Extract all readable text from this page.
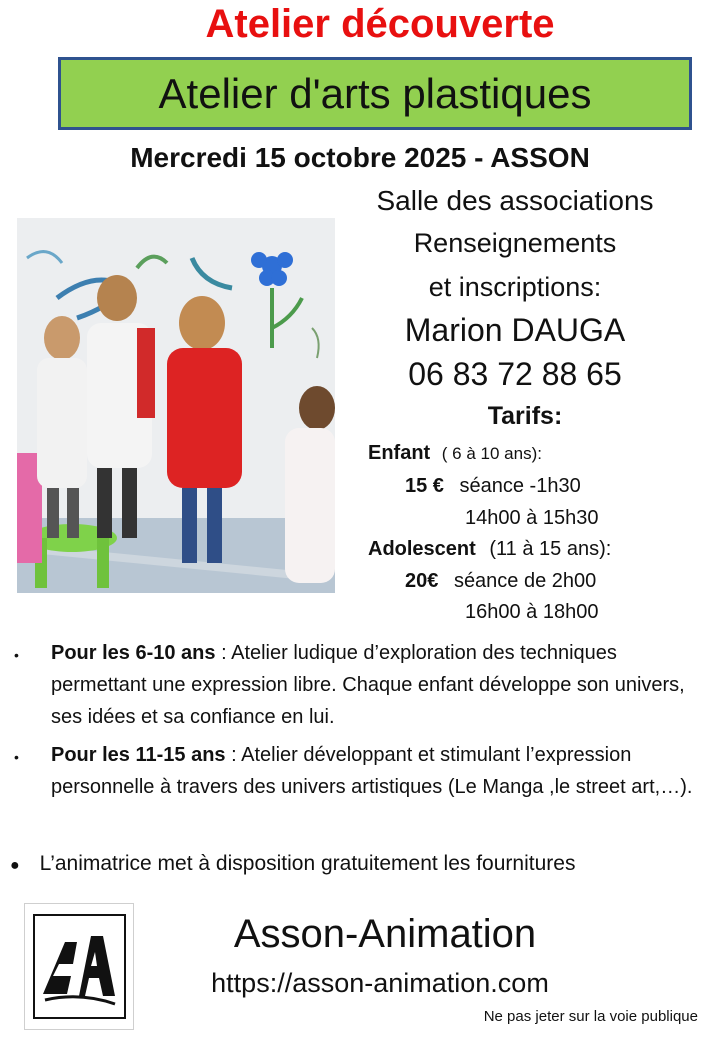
Atelier découverte
Atelier d'arts plastiques
Mercredi 15 octobre 2025 - ASSON
Salle des associations
Renseignements
et inscriptions:
Marion DAUGA
06 83 72 88 65
Tarifs:
Enfant ( 6 à 10 ans):
15 € séance -1h30
14h00 à 15h30
Adolescent (11 à 15 ans):
20€ séance de 2h00
16h00 à 18h00
• Pour les 6-10 ans : Atelier ludique d’exploration des techniques permettant une expression libre. Chaque enfant développe son univers, ses idées et sa confiance en lui.
• Pour les 11-15 ans : Atelier développant et stimulant l’expression personnelle à travers des univers artistiques (Le Manga ,le street art,…).
● L’animatrice met à disposition gratuitement les fournitures
Asson-Animation
https://asson-animation.com
Ne pas jeter sur la voie publique
